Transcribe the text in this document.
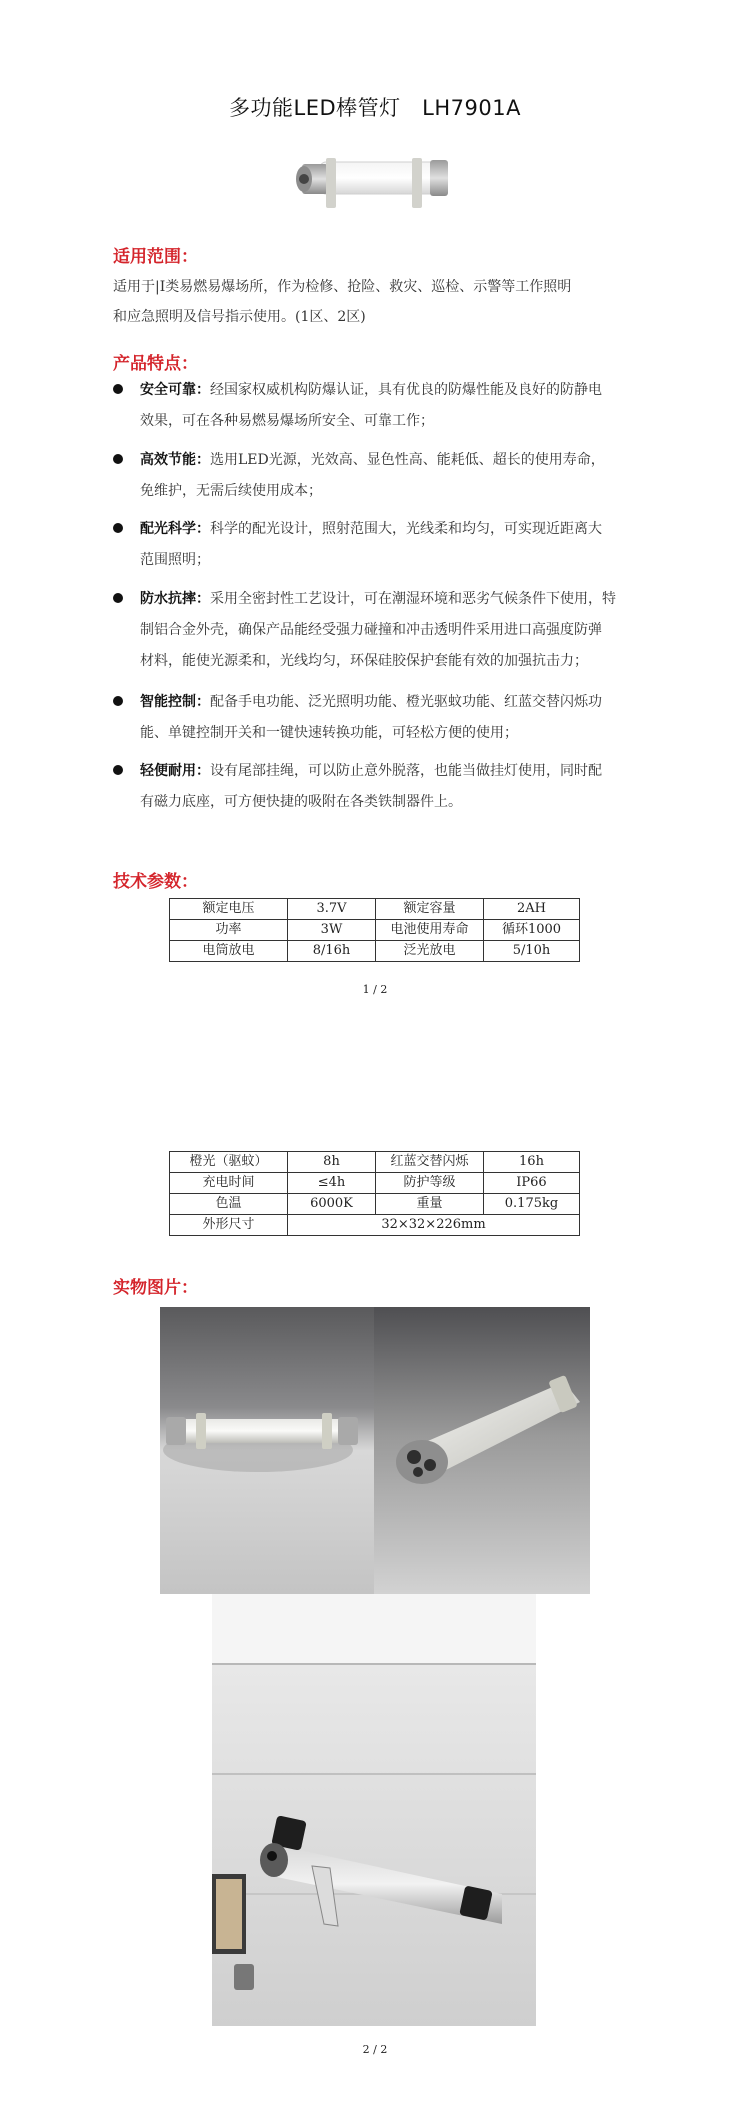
多功能LED棒管灯　LH7901A
适用范围：
适用于|Ⅰ类易燃易爆场所，作为检修、抢险、救灾、巡检、示警等工作照明
和应急照明及信号指示使用。(1区、2区)
产品特点：
安全可靠：经国家权威机构防爆认证，具有优良的防爆性能及良好的防静电
效果，可在各种易燃易爆场所安全、可靠工作；
高效节能：选用LED光源，光效高、显色性高、能耗低、超长的使用寿命，
免维护，无需后续使用成本；
配光科学：科学的配光设计，照射范围大，光线柔和均匀，可实现近距离大
范围照明；
防水抗摔：采用全密封性工艺设计，可在潮湿环境和恶劣气候条件下使用，特
制铝合金外壳，确保产品能经受强力碰撞和冲击透明件采用进口高强度防弹
材料，能使光源柔和，光线均匀，环保硅胶保护套能有效的加强抗击力；
智能控制：配备手电功能、泛光照明功能、橙光驱蚊功能、红蓝交替闪烁功
能、单键控制开关和一键快速转换功能，可轻松方便的使用；
轻便耐用：设有尾部挂绳，可以防止意外脱落，也能当做挂灯使用，同时配
有磁力底座，可方便快捷的吸附在各类铁制器件上。
技术参数：
额定电压	3.7V	额定容量	2AH
功率	3W	电池使用寿命	循环1000
电筒放电	8/16h	泛光放电	5/10h
1 / 2
橙光（驱蚊）	8h	红蓝交替闪烁	16h
充电时间	≤4h	防护等级	IP66
色温	6000K	重量	0.175kg
外形尺寸	32×32×226mm		
实物图片：
2 / 2
